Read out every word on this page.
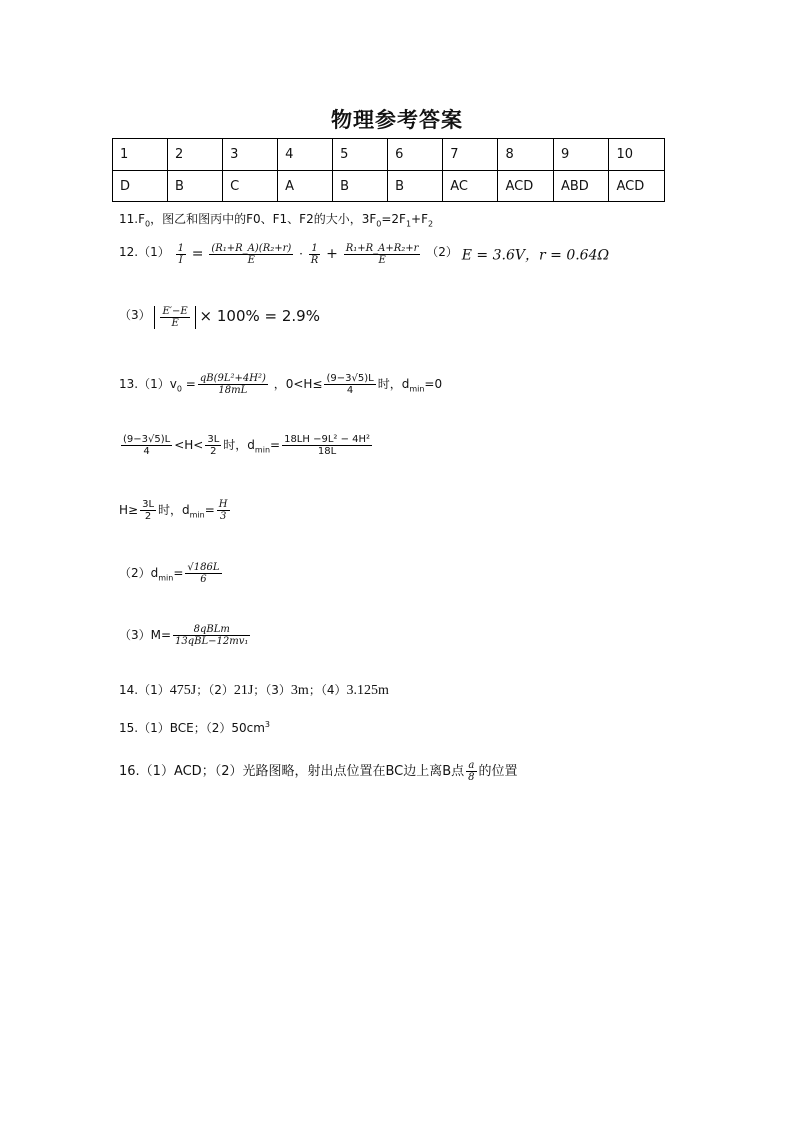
物理参考答案
1	2	3	4	5	6	7	8	9	10
D	B	C	A	B	B	AC	ACD	ABD	ACD
$11.F_0$，图乙和图丙中的F0、F1、F2的大小，$3F_0=2F_1+F_2$
$12.(1) \frac{1}{I} = \frac{\text{(R₁+R\_A)(R₂+r)}}{E} \cdot \frac{1}{R} + \frac{\text{R₁+R\_A+R₂+r}}{E} (2) E = 3.6V$，r = 0.64Ω
$(3) \frac{E'-E}{E} \times 100\% = 2.9\%$
$13.(1)v_0 = \frac{\text{qB(9L²+4H²)}}{18mL}$ ，$0<H\le \frac{(9-3√5)L}{4}$ 时，$d_{min}=0$
$\frac{(9-3√5)L}{4} <H< \frac{3L}{2}$ 时，$d_{min}= \frac{\text{18LH −9L² − 4H²}}{18L}$
$H\ge \frac{3L}{2}$ 时，$d_{min}= \frac{H}{3}$
$(2)d_{min}= \frac{√186L}{6}$
$(3)M= \frac{\text{8qBLm}}{\text{13qBL−12mv₁}}$
14.（1）475J；（2）21J；（3）3m；（4）3.125m
15.（1）BCE；$(2)50cm^3$
16.（1）ACD；（2）光路图略，射出点位置在BC边上离B点 $\frac{a}{8}$ 的位置
